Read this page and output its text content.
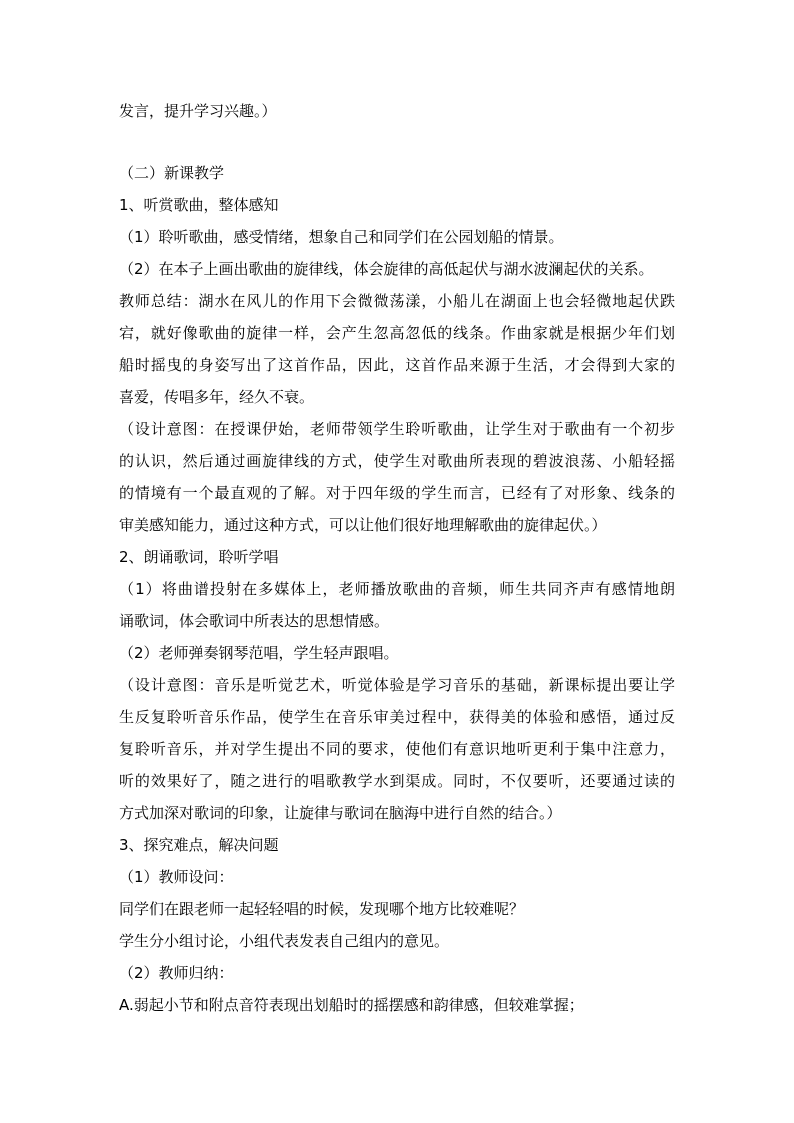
发言，提升学习兴趣。）
（二）新课教学
1、听赏歌曲，整体感知
（1）聆听歌曲，感受情绪，想象自己和同学们在公园划船的情景。
（2）在本子上画出歌曲的旋律线，体会旋律的高低起伏与湖水波澜起伏的关系。
教师总结：湖水在风儿的作用下会微微荡漾，小船儿在湖面上也会轻微地起伏跌
宕，就好像歌曲的旋律一样，会产生忽高忽低的线条。作曲家就是根据少年们划
船时摇曳的身姿写出了这首作品，因此，这首作品来源于生活，才会得到大家的
喜爱，传唱多年，经久不衰。
（设计意图：在授课伊始，老师带领学生聆听歌曲，让学生对于歌曲有一个初步
的认识，然后通过画旋律线的方式，使学生对歌曲所表现的碧波浪荡、小船轻摇
的情境有一个最直观的了解。对于四年级的学生而言，已经有了对形象、线条的
审美感知能力，通过这种方式，可以让他们很好地理解歌曲的旋律起伏。）
2、朗诵歌词，聆听学唱
（1）将曲谱投射在多媒体上，老师播放歌曲的音频，师生共同齐声有感情地朗
诵歌词，体会歌词中所表达的思想情感。
（2）老师弹奏钢琴范唱，学生轻声跟唱。
（设计意图：音乐是听觉艺术，听觉体验是学习音乐的基础，新课标提出要让学
生反复聆听音乐作品，使学生在音乐审美过程中，获得美的体验和感悟，通过反
复聆听音乐，并对学生提出不同的要求，使他们有意识地听更利于集中注意力，
听的效果好了，随之进行的唱歌教学水到渠成。同时，不仅要听，还要通过读的
方式加深对歌词的印象，让旋律与歌词在脑海中进行自然的结合。）
3、探究难点，解决问题
（1）教师设问：
同学们在跟老师一起轻轻唱的时候，发现哪个地方比较难呢？
学生分小组讨论，小组代表发表自己组内的意见。
（2）教师归纳：
A.弱起小节和附点音符表现出划船时的摇摆感和韵律感，但较难掌握；
